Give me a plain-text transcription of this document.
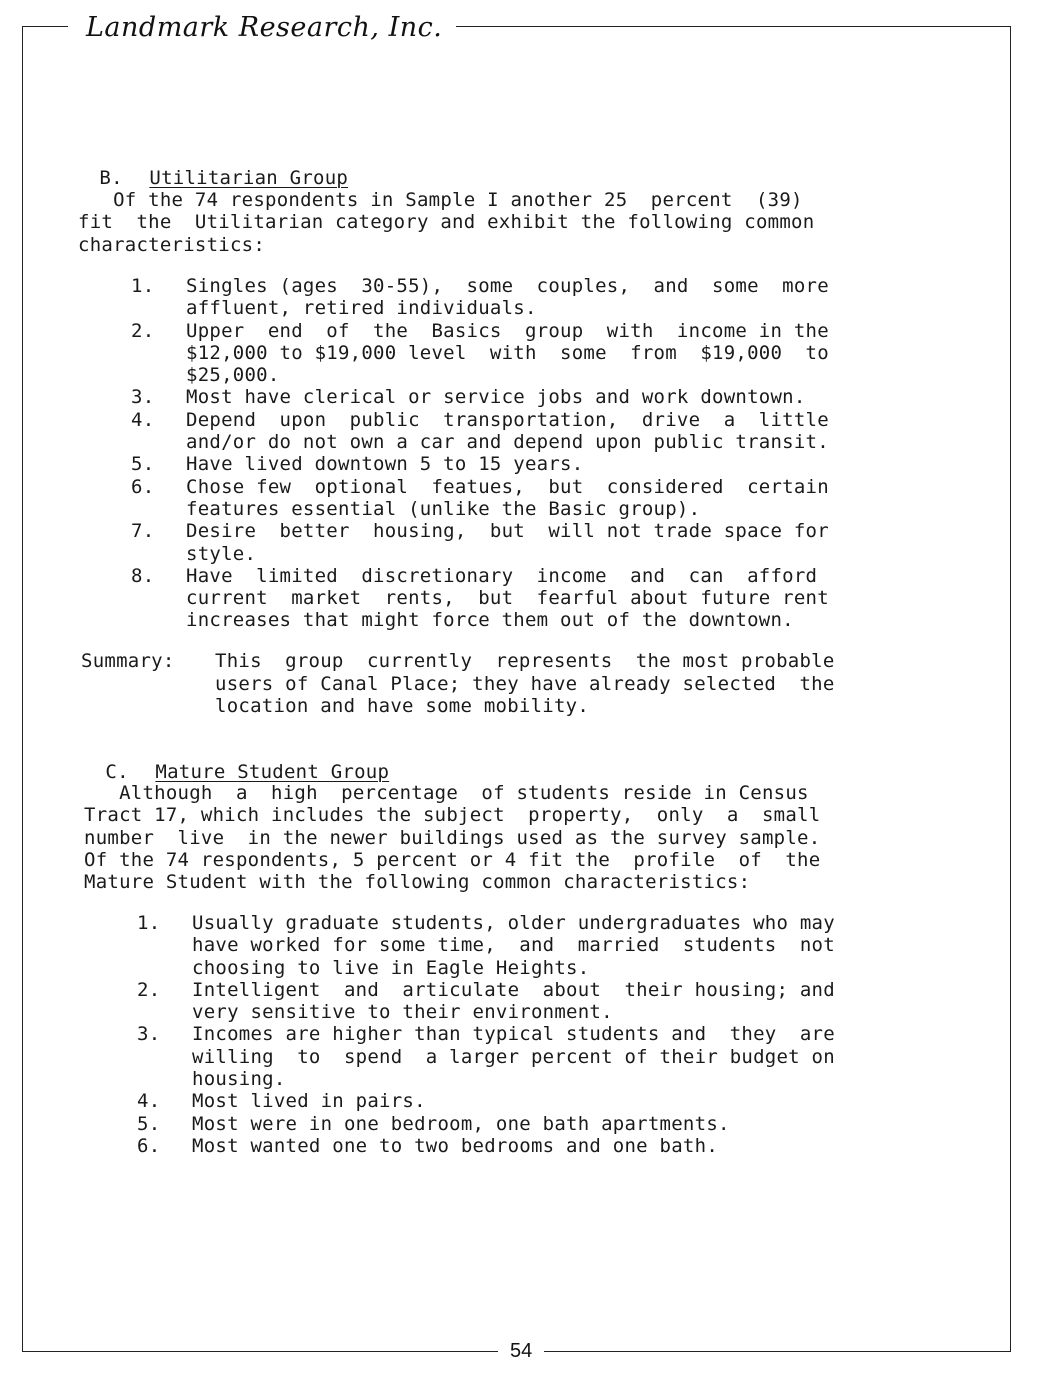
Landmark Research, Inc.

B. Utilitarian Group

Of the 74 respondents in Sample I another 25  percent  (39)
fit  the  Utilitarian category and exhibit the following common
characteristics:
1. Singles (ages  30-55),  some  couples,  and  some  more
affluent, retired individuals.
2. Upper  end  of  the  Basics  group  with  income in the
$12,000 to $19,000 level  with  some  from  $19,000  to
$25,000.
3. Most have clerical or service jobs and work downtown.
4. Depend  upon  public  transportation,  drive  a  little
and/or do not own a car and depend upon public transit.
5. Have lived downtown 5 to 15 years.
6. Chose few  optional  featues,  but  considered  certain
features essential (unlike the Basic group).
7. Desire  better  housing,  but  will not trade space for
style.
8. Have  limited  discretionary  income  and  can  afford
current  market  rents,  but  fearful about future rent
increases that might force them out of the downtown.
Summary: This  group  currently  represents  the most probable
users of Canal Place; they have already selected  the
location and have some mobility.

C. Mature Student Group

Although  a  high  percentage  of students reside in Census
Tract 17, which includes the subject  property,  only  a  small
number  live  in the newer buildings used as the survey sample.
Of the 74 respondents, 5 percent or 4 fit the  profile  of  the
Mature Student with the following common characteristics:
1. Usually graduate students, older undergraduates who may
have worked for some time,  and  married  students  not
choosing to live in Eagle Heights.
2. Intelligent  and  articulate  about  their housing; and
very sensitive to their environment.
3. Incomes are higher than typical students and  they  are
willing  to  spend  a larger percent of their budget on
housing.
4. Most lived in pairs.
5. Most were in one bedroom, one bath apartments.
6. Most wanted one to two bedrooms and one bath.
54
